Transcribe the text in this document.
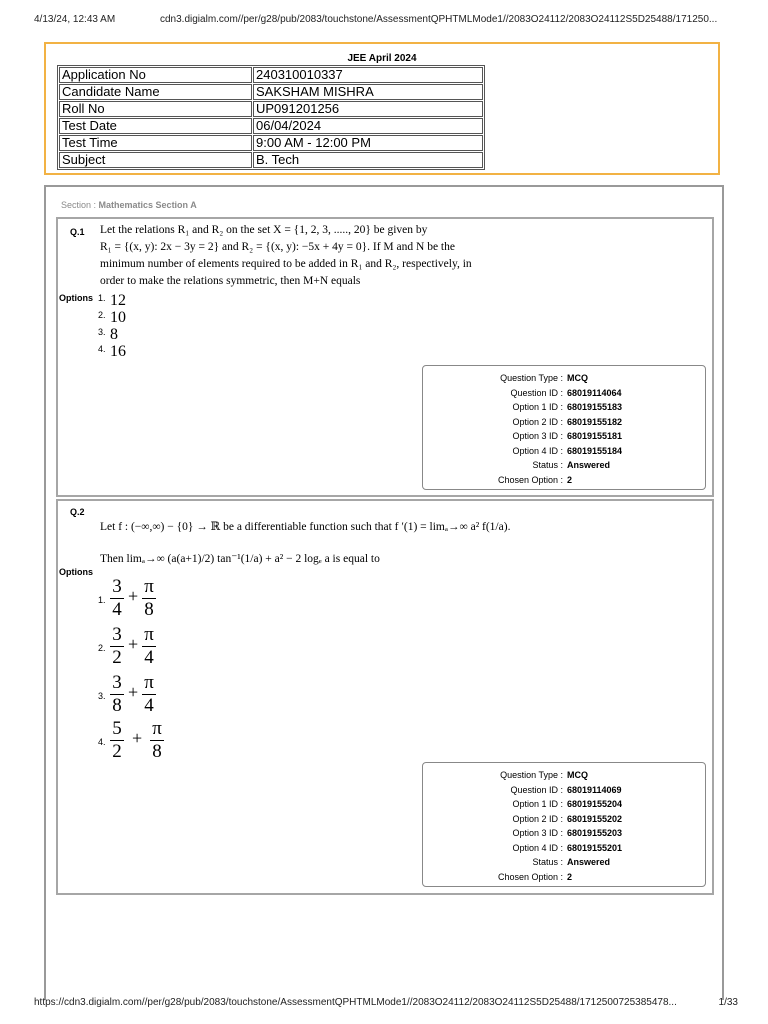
4/13/24, 12:43 AM	cdn3.digialm.com//per/g28/pub/2083/touchstone/AssessmentQPHTMLMode1//2083O24112/2083O24112S5D25488/171250...
JEE April 2024
Application No	240310010337
Candidate Name	SAKSHAM MISHRA
Roll No	UP091201256
Test Date	06/04/2024
Test Time	9:00 AM - 12:00 PM
Subject	B. Tech
Section : Mathematics Section A
Q.1 Let the relations R₁ and R₂ on the set X = {1, 2, 3, ....., 20} be given by
R₁ = {(x, y): 2x − 3y = 2} and R₂ = {(x, y): −5x + 4y = 0}. If M and N be the
minimum number of elements required to be added in R₁ and R₂, respectively, in
order to make the relations symmetric, then M+N equals
Options 1. 12
2. 10
3. 8
4. 16
Question Type : MCQ
Question ID : 68019114064
Option 1 ID : 68019155183
Option 2 ID : 68019155182
Option 3 ID : 68019155181
Option 4 ID : 68019155184
Status : Answered
Chosen Option : 2
Q.2
Let f : (−∞,∞) − {0} → ℝ be a differentiable function such that f ′(1) = limₐ→∞ a² f(1/a).
Then limₐ→∞ (a(a+1)/2) tan⁻¹(1/a) + a² − 2 logₑ a is equal to
Options
1.
3
4
+ π
8
2.
3
2
+ π
4
3.
3
8
+ π
4
4.
5
2
+ π
8
Question Type : MCQ
Question ID : 68019114069
Option 1 ID : 68019155204
Option 2 ID : 68019155202
Option 3 ID : 68019155203
Option 4 ID : 68019155201
Status : Answered
Chosen Option : 2
https://cdn3.digialm.com//per/g28/pub/2083/touchstone/AssessmentQPHTMLMode1//2083O24112/2083O24112S5D25488/1712500725385478...	1/33
